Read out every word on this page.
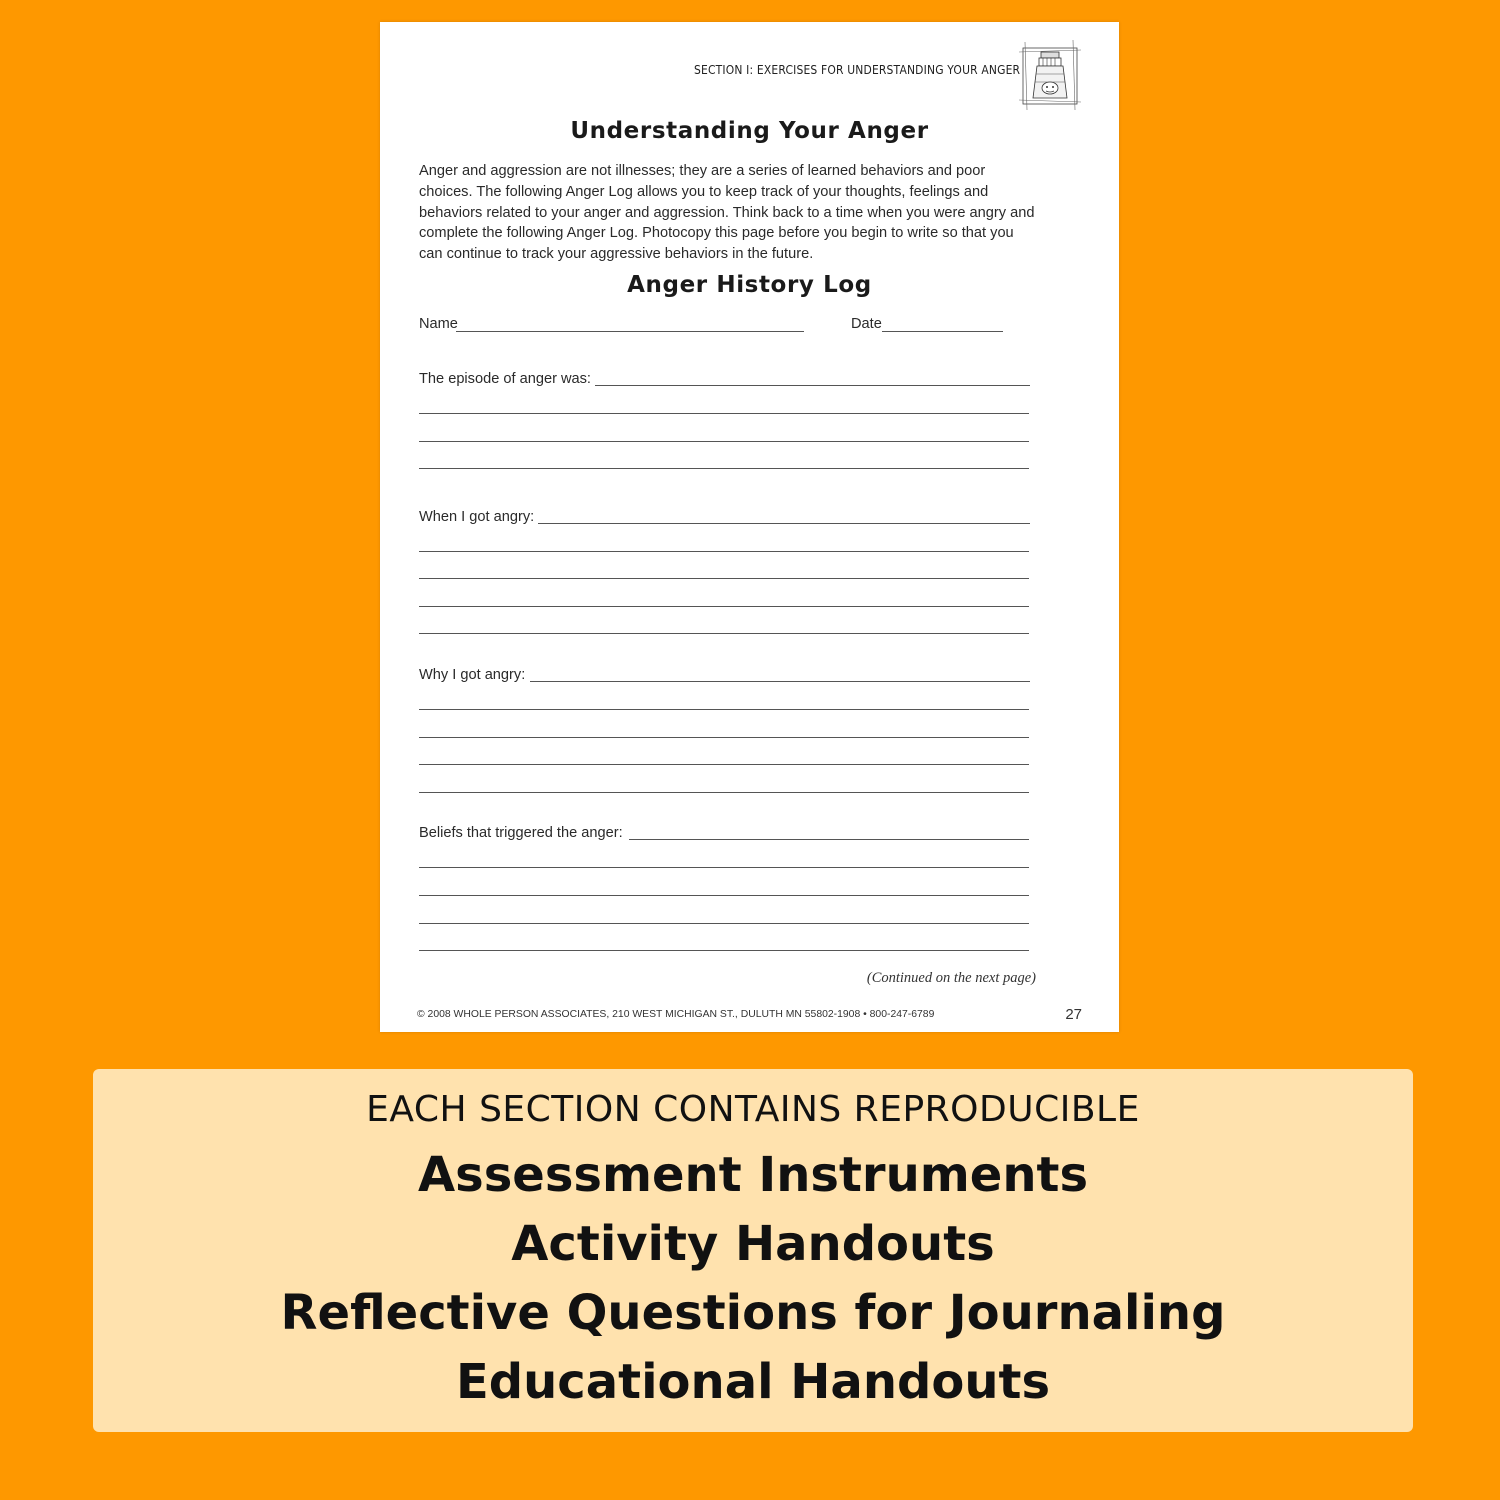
SECTION I: EXERCISES FOR UNDERSTANDING YOUR ANGER
Understanding Your Anger
Anger and aggression are not illnesses; they are a series of learned behaviors and poor choices. The following Anger Log allows you to keep track of your thoughts, feelings and behaviors related to your anger and aggression. Think back to a time when you were angry and complete the following Anger Log. Photocopy this page before you begin to write so that you can continue to track your aggressive behaviors in the future.
Anger History Log
Name	Date
The episode of anger was:
When I got angry:
Why I got angry:
Beliefs that triggered the anger:
(Continued on the next page)
© 2008 WHOLE PERSON ASSOCIATES, 210 WEST MICHIGAN ST., DULUTH MN 55802-1908 • 800-247-6789	27
EACH SECTION CONTAINS REPRODUCIBLE
Assessment Instruments
Activity Handouts
Reflective Questions for Journaling
Educational Handouts
